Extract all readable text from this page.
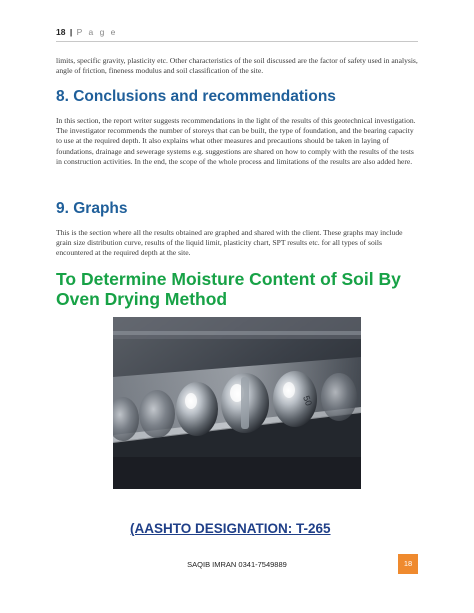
18 | P a g e

limits, specific gravity, plasticity etc. Other characteristics of the soil discussed are the factor of safety used in analysis, angle of friction, fineness modulus and soil classification of the site.

8. Conclusions and recommendations

In this section, the report writer suggests recommendations in the light of the results of this geotechnical investigation. The investigator recommends the number of storeys that can be built, the type of foundation, and the bearing capacity to use at the required depth. It also explains what other measures and precautions should be taken in laying of foundations, drainage and sewerage systems e.g. suggestions are shared on how to comply with the results of the tests in construction activities. In the end, the scope of the whole process and limitations of the results are also added here.

9. Graphs

This is the section where all the results obtained are graphed and shared with the client. These graphs may include grain size distribution curve, results of the liquid limit, plasticity chart, SPT results etc. for all types of soils encountered at the required depth at the site.

To Determine Moisture Content of Soil By Oven Drying Method
50

(AASHTO DESIGNATION: T-265

SAQIB IMRAN 0341-7549889	18
